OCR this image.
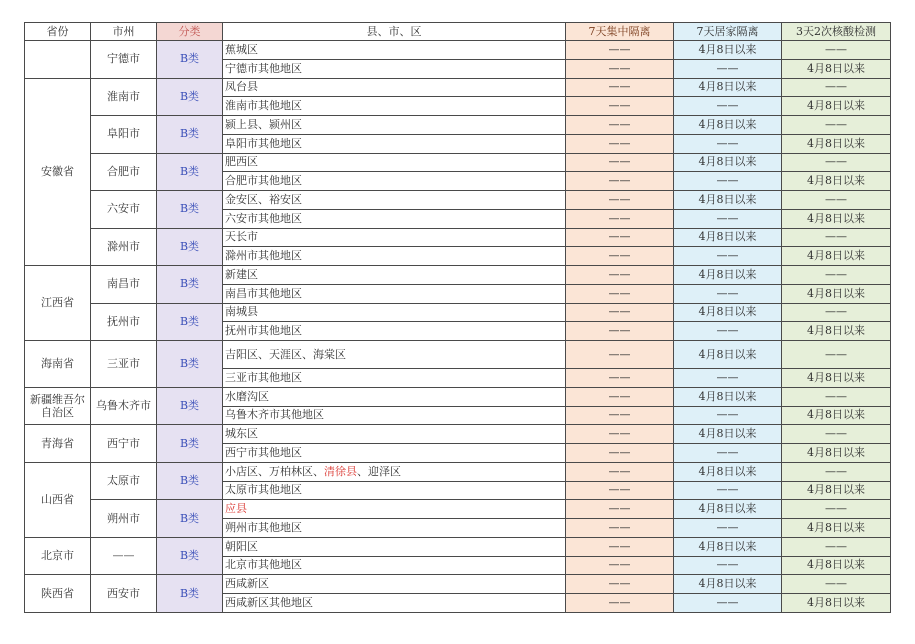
省份	市州	分类	县、市、区	7天集中隔离	7天居家隔离	3天2次核酸检测
	宁德市	B类	蕉城区	——	4月8日以来	——
			宁德市其他地区	——	——	4月8日以来
安徽省	淮南市	B类	凤台县	——	4月8日以来	——
			淮南市其他地区	——	——	4月8日以来
	阜阳市	B类	颍上县、颍州区	——	4月8日以来	——
			阜阳市其他地区	——	——	4月8日以来
	合肥市	B类	肥西区	——	4月8日以来	——
			合肥市其他地区	——	——	4月8日以来
	六安市	B类	金安区、裕安区	——	4月8日以来	——
			六安市其他地区	——	——	4月8日以来
	滁州市	B类	天长市	——	4月8日以来	——
			滁州市其他地区	——	——	4月8日以来
江西省	南昌市	B类	新建区	——	4月8日以来	——
			南昌市其他地区	——	——	4月8日以来
	抚州市	B类	南城县	——	4月8日以来	——
			抚州市其他地区	——	——	4月8日以来
海南省	三亚市	B类	吉阳区、天涯区、海棠区	——	4月8日以来	——
			三亚市其他地区	——	——	4月8日以来
新疆维吾尔自治区	乌鲁木齐市	B类	水磨沟区	——	4月8日以来	——
			乌鲁木齐市其他地区	——	——	4月8日以来
青海省	西宁市	B类	城东区	——	4月8日以来	——
			西宁市其他地区	——	——	4月8日以来
山西省	太原市	B类	小店区、万柏林区、清徐县、迎泽区	——	4月8日以来	——
			太原市其他地区	——	——	4月8日以来
	朔州市	B类	应县	——	4月8日以来	——
			朔州市其他地区	——	——	4月8日以来
北京市	——	B类	朝阳区	——	4月8日以来	——
			北京市其他地区	——	——	4月8日以来
陕西省	西安市	B类	西咸新区	——	4月8日以来	——
			西咸新区其他地区	——	——	4月8日以来
